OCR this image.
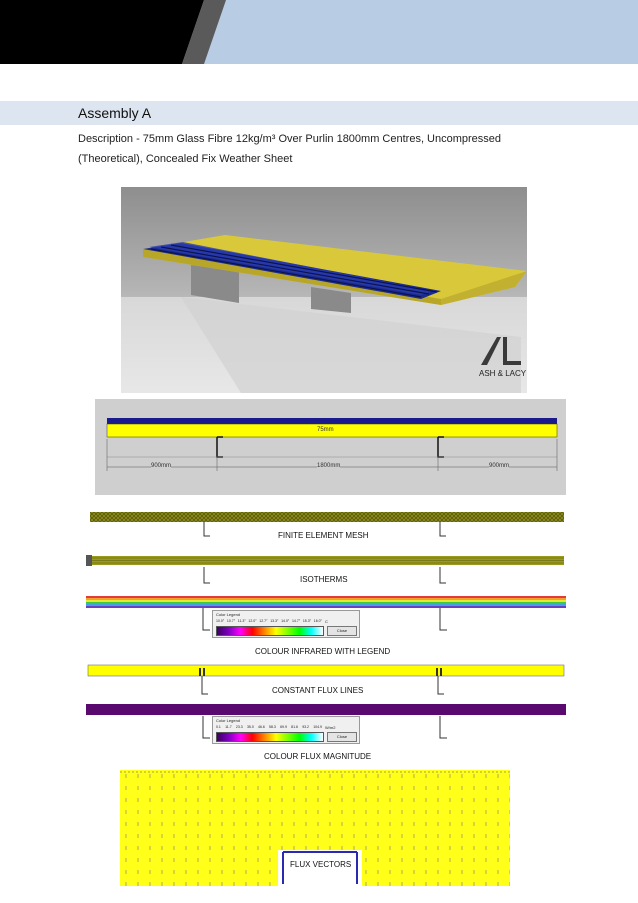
Assembly A
Description - 75mm Glass Fibre 12kg/m³ Over Purlin 1800mm Centres, Uncompressed
(Theoretical), Concealed Fix Weather Sheet
ASH & LACY
75mm
900mm	1800mm	900mm
FINITE ELEMENT MESH
ISOTHERMS
Color Legend
10.0° 10.7° 11.3° 12.0° 12.7° 13.3° 14.0° 14.7° 15.3° 16.0° C
Close
COLOUR INFRARED WITH LEGEND
CONSTANT FLUX LINES
Color Legend
0.1 11.7 23.3 35.0 46.6 58.3 69.9 81.6 93.2 104.9 W/m2
Close
COLOUR FLUX MAGNITUDE
FLUX VECTORS
